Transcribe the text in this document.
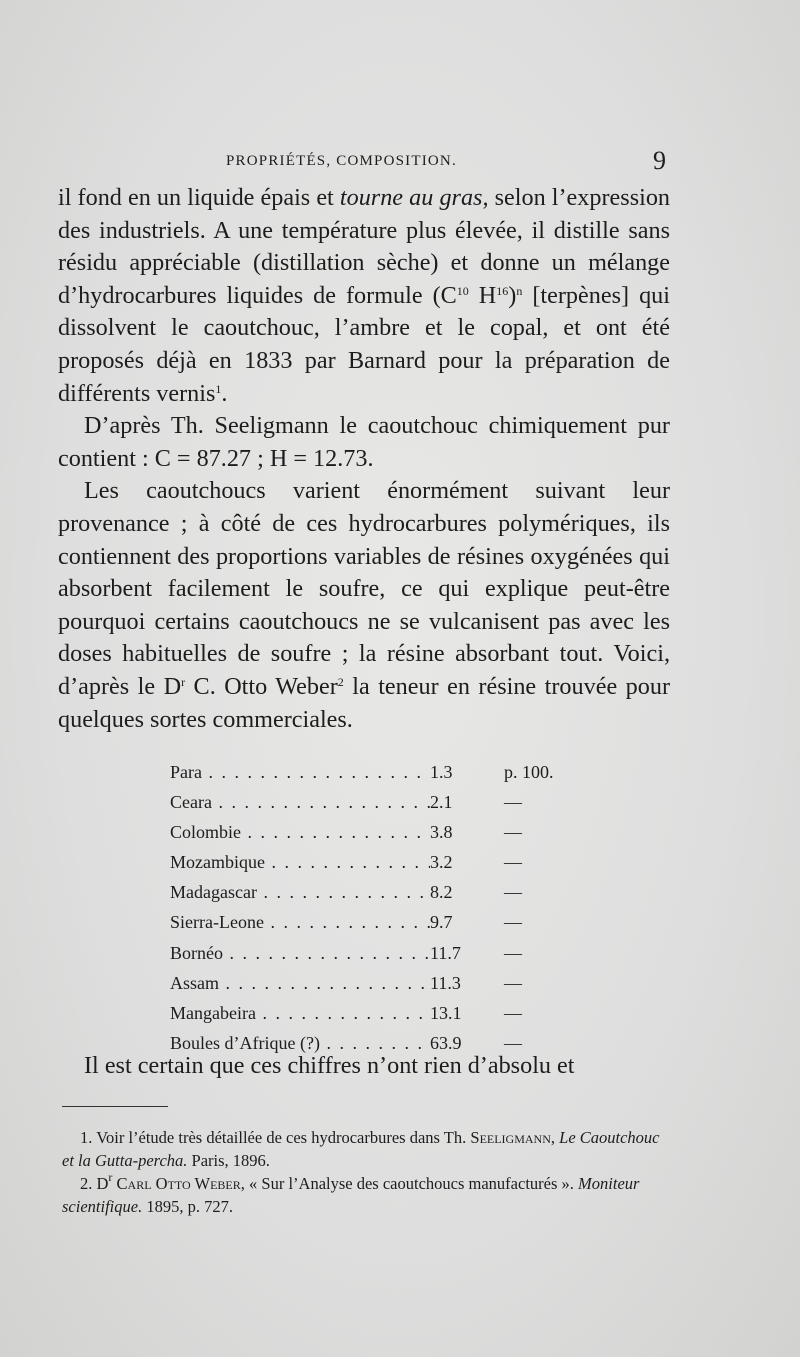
PROPRIÉTÉS, COMPOSITION.	9

il fond en un liquide épais et tourne au gras, selon l’expression des industriels. A une température plus élevée, il distille sans résidu appréciable (distillation sèche) et donne un mélange d’hydrocarbures liquides de formule ($C^{10}$ $H^{16})^n$ [terpènes] qui dissolvent le caoutchouc, l’ambre et le copal, et ont été proposés déjà en 1833 par Barnard pour la préparation de différents vernis$^1$.

D’après Th. Seeligmann le caoutchouc chimiquement pur contient : C = 87.27 ; H = 12.73.

Les caoutchoucs varient énormément suivant leur provenance ; à côté de ces hydrocarbures polymériques, ils contiennent des proportions variables de résines oxygénées qui absorbent facilement le soufre, ce qui explique peut-être pourquoi certains caoutchoucs ne se vulcanisent pas avec les doses habituelles de soufre ; la résine absorbant tout. Voici, d’après le $D^r$ C. Otto Weber$^2$ la teneur en résine trouvée pour quelques sortes commerciales.

Para . . .	1.3	p. 100.
Ceara . . .	2.1	—
Colombie . . .	3.8	—
Mozambique . . .	3.2	—
Madagascar . . .	8.2	—
Sierra-Leone . . .	9.7	—
Bornéo . . .	11.7	—
Assam . . .	11.3	—
Mangabeira . . .	13.1	—
Boules d’Afrique (?) . . .	63.9	—
Il est certain que ces chiffres n’ont rien d’absolu et

1. Voir l’étude très détaillée de ces hydrocarbures dans Th. Seeligmann, Le Caoutchouc et la Gutta-percha. Paris, 1896.

2. $D^r$ Carl Otto Weber, « Sur l’Analyse des caoutchoucs manufacturés ». Moniteur scientifique. 1895, p. 727.
